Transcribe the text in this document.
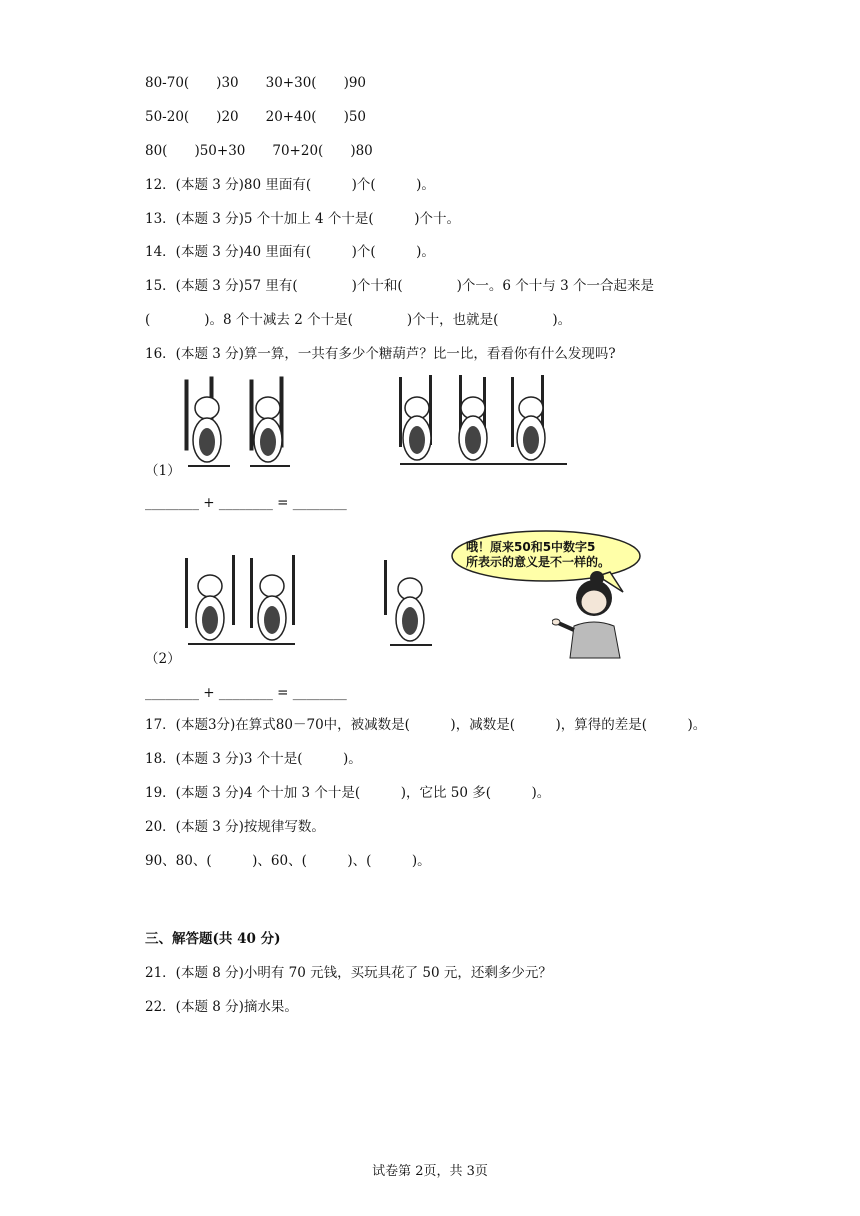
80-70(　　)30　　30+30(　　)90
50-20(　　)20　　20+40(　　)50
80(　　)50+30　　70+20(　　)80
12．(本题 3 分)80 里面有(　　　)个(　　　)。
13．(本题 3 分)5 个十加上 4 个十是(　　　)个十。
14．(本题 3 分)40 里面有(　　　)个(　　　)。
15．(本题 3 分)57 里有(　　　　)个十和(　　　　)个一。6 个十与 3 个一合起来是
(　　　　)。8 个十减去 2 个十是(　　　　)个十，也就是(　　　　)。
16．(本题 3 分)算一算，一共有多少个糖葫芦？比一比，看看你有什么发现吗?
（1）
________ + ________ = ________
哦！原来50和5中数字5
所表示的意义是不一样的。
（2）
________ + ________ = ________
17．(本题3分)在算式80－70中，被减数是(　　　)，减数是(　　　)，算得的差是(　　　)。
18．(本题 3 分)3 个十是(　　　)。
19．(本题 3 分)4 个十加 3 个十是(　　　)，它比 50 多(　　　)。
20．(本题 3 分)按规律写数。
90、80、(　　　)、60、(　　　)、(　　　)。
三、解答题(共 40 分)
21．(本题 8 分)小明有 70 元钱，买玩具花了 50 元，还剩多少元？
22．(本题 8 分)摘水果。
试卷第 2页，共 3页
